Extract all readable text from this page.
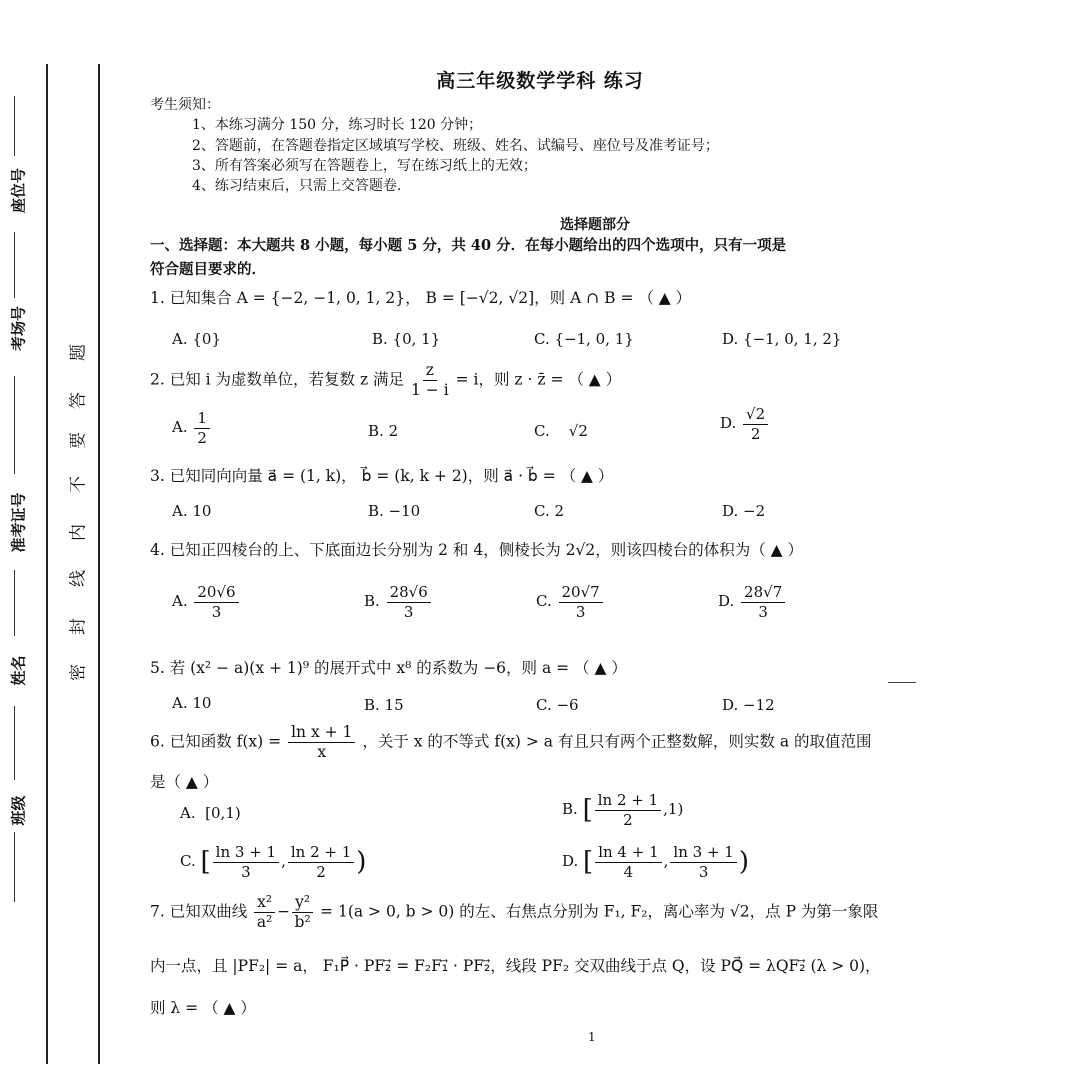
座位号
考场号
准考证号
姓名
班级
题
答
要
不
内
线
封
密
高三年级数学学科 练习
考生须知：
1、本练习满分 150 分，练习时长 120 分钟；
2、答题前，在答题卷指定区域填写学校、班级、姓名、试编号、座位号及准考证号；
3、所有答案必须写在答题卷上，写在练习纸上的无效；
4、练习结束后，只需上交答题卷.
选择题部分
一、选择题：本大题共 8 小题，每小题 5 分，共 40 分．在每小题给出的四个选项中，只有一项是
符合题目要求的．
1. 已知集合 A = {−2, −1, 0, 1, 2}， B = [−√2, √2]，则 A ∩ B = （ ▲ ）
A. {0}	B. {0, 1}	C. {−1, 0, 1}	D. {−1, 0, 1, 2}
2. 已知 i 为虚数单位，若复数 z 满足 $\frac{z}{1 - i} = i$，则 z · z̄ = （ ▲ ）
A. $\frac{1}{2}$	B. 2	C. √2	D. $\frac{√2}{2}$
3. 已知同向向量 a⃗ = (1, k)， b⃗ = (k, k + 2)，则 a⃗ · b⃗ = （ ▲ ）
A. 10	B. −10	C. 2	D. −2
4. 已知正四棱台的上、下底面边长分别为 2 和 4，侧棱长为 2√2，则该四棱台的体积为（ ▲ ）
A. $\frac{20√6}{3}$	B. $\frac{28√6}{3}$	C. $\frac{20√7}{3}$	D. $\frac{28√7}{3}$
5. 若 (x² − a)(x + 1)⁹ 的展开式中 x⁸ 的系数为 −6，则 a = （ ▲ ）
A. 10	B. 15	C. −6	D. −12
6. 已知函数 $f(x) = \frac{\text{ln x + 1}}{x}$ ，关于 x 的不等式 f(x) > a 有且只有两个正整数解，则实数 a 的取值范围
是（ ▲ ）
A. [0,1)	B. [ $\frac{\ln 2 + 1}{2} ,1$)
C. [ $\frac{\ln 3 + 1}{3}$ , $\frac{\ln 2 + 1}{2}$ )	D. [ $\frac{\ln 4 + 1}{4}$ , $\frac{\ln 3 + 1}{3}$ )
7. 已知双曲线 $\frac{\text{x²}}{\text{a²}} - \frac{\text{y²}}{\text{b²}} = 1(a > 0$, b > 0) 的左、右焦点分别为 F₁, F₂，离心率为 √2，点 P 为第一象限
内一点，且 |PF₂| = a， F₁P⃗ · PF₂⃗ = F₂F₁⃗ · PF₂⃗，线段 PF₂ 交双曲线于点 Q，设 PQ⃗ = λQF₂⃗ (λ > 0)，
则 λ = （ ▲ ）
1
